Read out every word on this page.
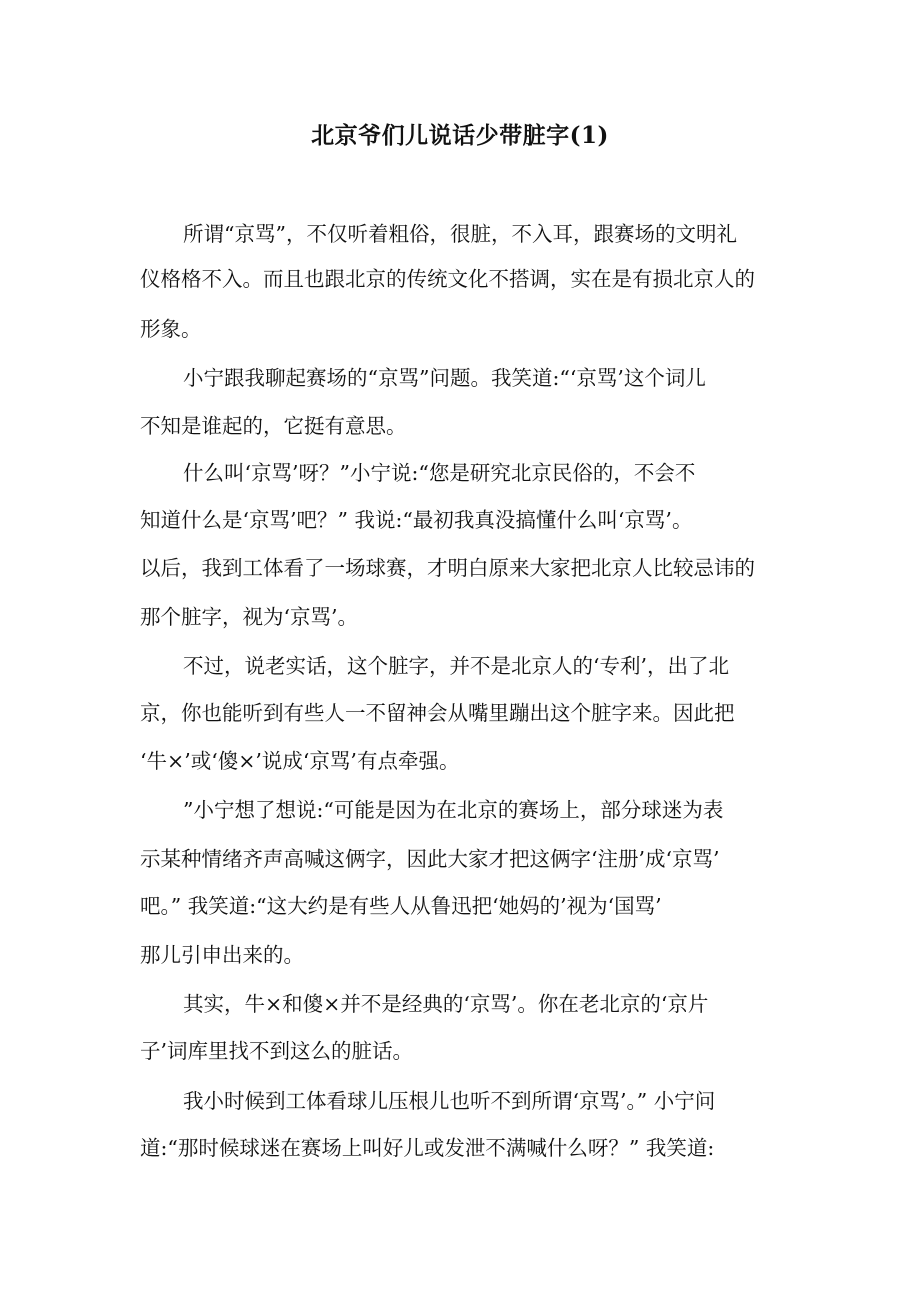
北京爷们儿说话少带脏字(1)
所谓“京骂”，不仅听着粗俗，很脏，不入耳，跟赛场的文明礼
仪格格不入。而且也跟北京的传统文化不搭调，实在是有损北京人的
形象。
小宁跟我聊起赛场的“京骂”问题。我笑道:“‘京骂’这个词儿
不知是谁起的，它挺有意思。
什么叫‘京骂’呀？”小宁说:“您是研究北京民俗的，不会不
知道什么是‘京骂’吧？” 我说:“最初我真没搞懂什么叫‘京骂’。
以后，我到工体看了一场球赛，才明白原来大家把北京人比较忌讳的
那个脏字，视为‘京骂’。
不过，说老实话，这个脏字，并不是北京人的‘专利’，出了北
京，你也能听到有些人一不留神会从嘴里蹦出这个脏字来。因此把
‘牛×’或‘傻×’说成‘京骂’有点牵强。
”小宁想了想说:“可能是因为在北京的赛场上，部分球迷为表
示某种情绪齐声高喊这俩字，因此大家才把这俩字‘注册’成‘京骂’
吧。” 我笑道:“这大约是有些人从鲁迅把‘她妈的’视为‘国骂’
那儿引申出来的。
其实，牛×和傻×并不是经典的‘京骂’。你在老北京的‘京片
子’词库里找不到这么的脏话。
我小时候到工体看球儿压根儿也听不到所谓‘京骂’。” 小宁问
道:“那时候球迷在赛场上叫好儿或发泄不满喊什么呀？” 我笑道:
